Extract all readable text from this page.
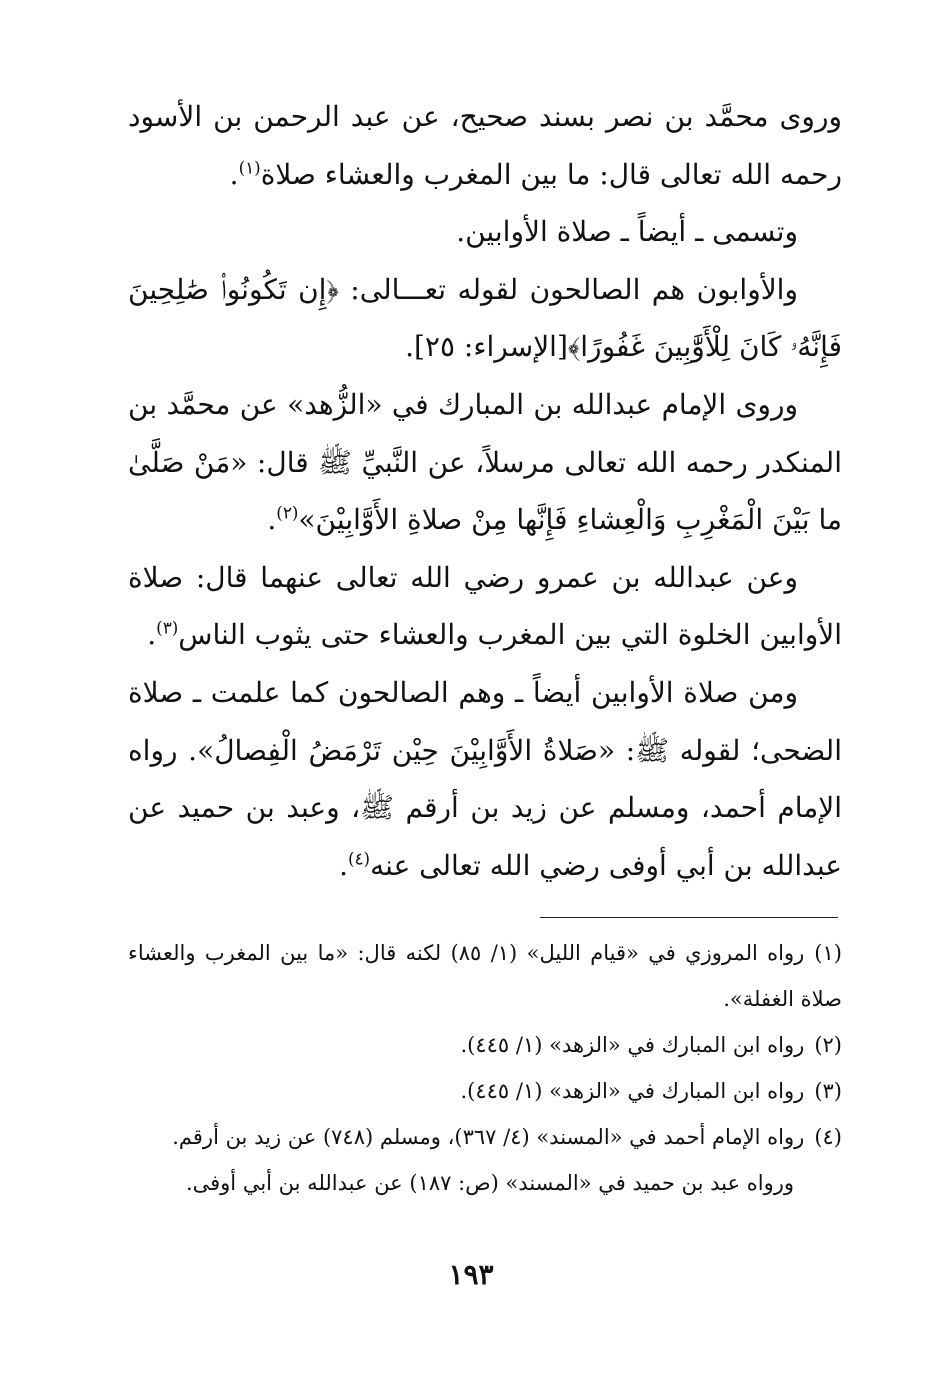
وروى محمَّد بن نصر بسند صحيح، عن عبد الرحمن بن الأسود رحمه الله تعالى قال: ما بين المغرب والعشاء صلاة$^{(١)}$.

وتسمى ـ أيضاً ـ صلاة الأوابين.

والأوابون هم الصالحون لقوله تعـــالى: ﴿إِن تَكُونُوا۟ صَٰلِحِينَ فَإِنَّهُۥ كَانَ لِلْأَوَّٰبِينَ غَفُورًا﴾[الإسراء: ٢٥].

وروى الإمام عبدالله بن المبارك في «الزُّهد» عن محمَّد بن المنكدر رحمه الله تعالى مرسلاً، عن النَّبيِّ ﷺ قال: «مَنْ صَلَّىٰ ما بَيْنَ الْمَغْرِبِ وَالْعِشاءِ فَإِنَّها مِنْ صلاةِ الأَوَّابِيْنَ»$^{(٢)}$.

وعن عبدالله بن عمرو رضي الله تعالى عنهما قال: صلاة الأوابين الخلوة التي بين المغرب والعشاء حتى يثوب الناس$^{(٣)}$.

ومن صلاة الأوابين أيضاً ـ وهم الصالحون كما علمت ـ صلاة الضحى؛ لقوله ﷺ: «صَلاةُ الأَوَّابِيْنَ حِيْن تَرْمَضُ الْفِصالُ». رواه الإمام أحمد، ومسلم عن زيد بن أرقم ﷺ، وعبد بن حميد عن عبدالله بن أبي أوفى رضي الله تعالى عنه$^{(٤)}$.

(١)رواه المروزي في «قيام الليل» (١/ ٨٥) لكنه قال: «ما بين المغرب والعشاء صلاة الغفلة».

(٢)رواه ابن المبارك في «الزهد» (١/ ٤٤٥).

(٣)رواه ابن المبارك في «الزهد» (١/ ٤٤٥).

(٤)رواه الإمام أحمد في «المسند» (٤/ ٣٦٧)، ومسلم (٧٤٨) عن زيد بن أرقم.
ورواه عبد بن حميد في «المسند» (ص: ١٨٧) عن عبدالله بن أبي أوفى.

١٩٣
